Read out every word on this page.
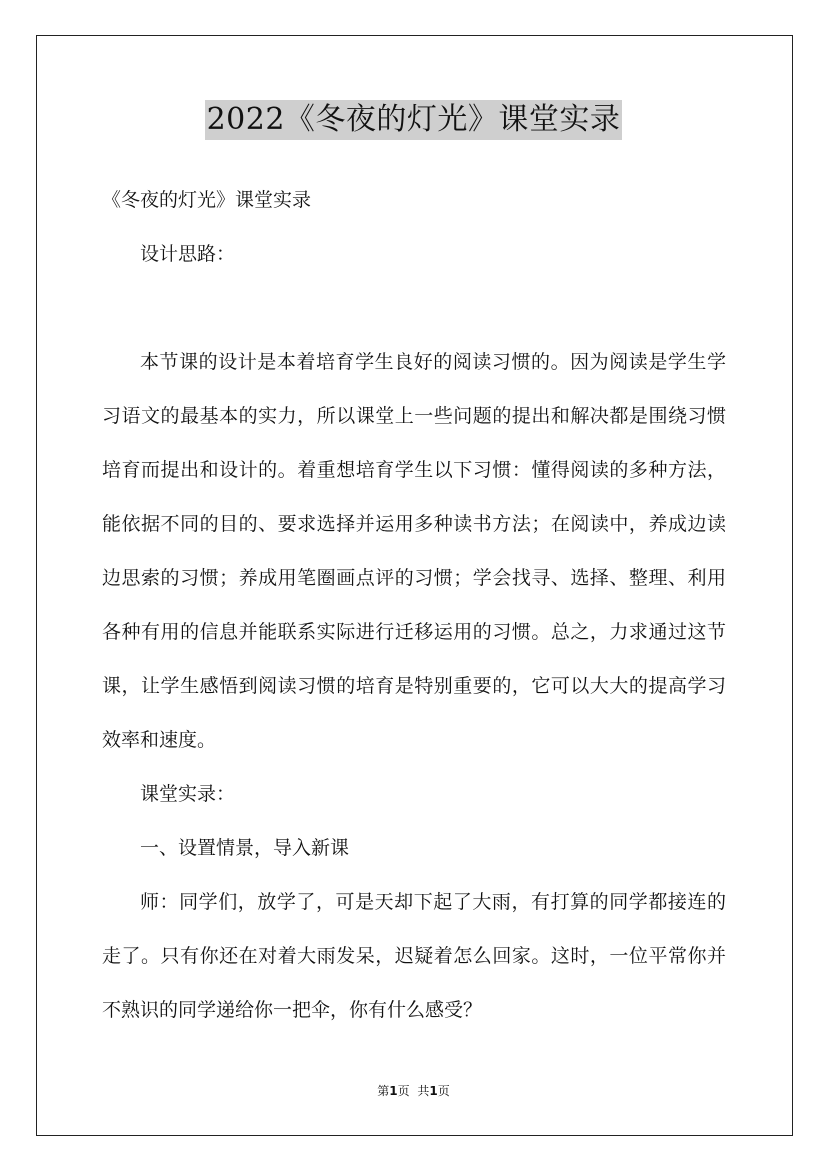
2022《冬夜的灯光》课堂实录

《冬夜的灯光》课堂实录

设计思路：

本节课的设计是本着培育学生良好的阅读习惯的。因为阅读是学生学习语文的最基本的实力，所以课堂上一些问题的提出和解决都是围绕习惯培育而提出和设计的。着重想培育学生以下习惯：懂得阅读的多种方法，能依据不同的目的、要求选择并运用多种读书方法；在阅读中，养成边读边思索的习惯；养成用笔圈画点评的习惯；学会找寻、选择、整理、利用各种有用的信息并能联系实际进行迁移运用的习惯。总之，力求通过这节课，让学生感悟到阅读习惯的培育是特别重要的，它可以大大的提高学习效率和速度。

课堂实录：

一、设置情景，导入新课

师：同学们，放学了，可是天却下起了大雨，有打算的同学都接连的走了。只有你还在对着大雨发呆，迟疑着怎么回家。这时，一位平常你并不熟识的同学递给你一把伞，你有什么感受？

第1页 共1页
